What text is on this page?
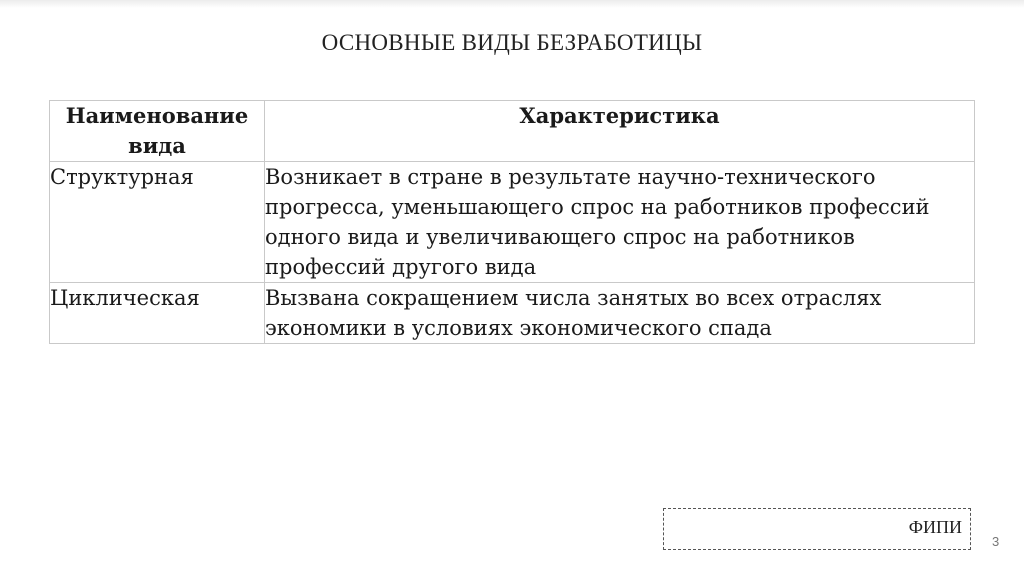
ОСНОВНЫЕ ВИДЫ БЕЗРАБОТИЦЫ
Наименование вида	Характеристика
Структурная	Возникает в стране в результате научно-технического прогресса, уменьшающего спрос на работников профессий одного вида и увеличивающего спрос на работников профессий другого вида
Циклическая	Вызвана сокращением числа занятых во всех отраслях экономики в условиях экономического спада
ФИПИ
3
